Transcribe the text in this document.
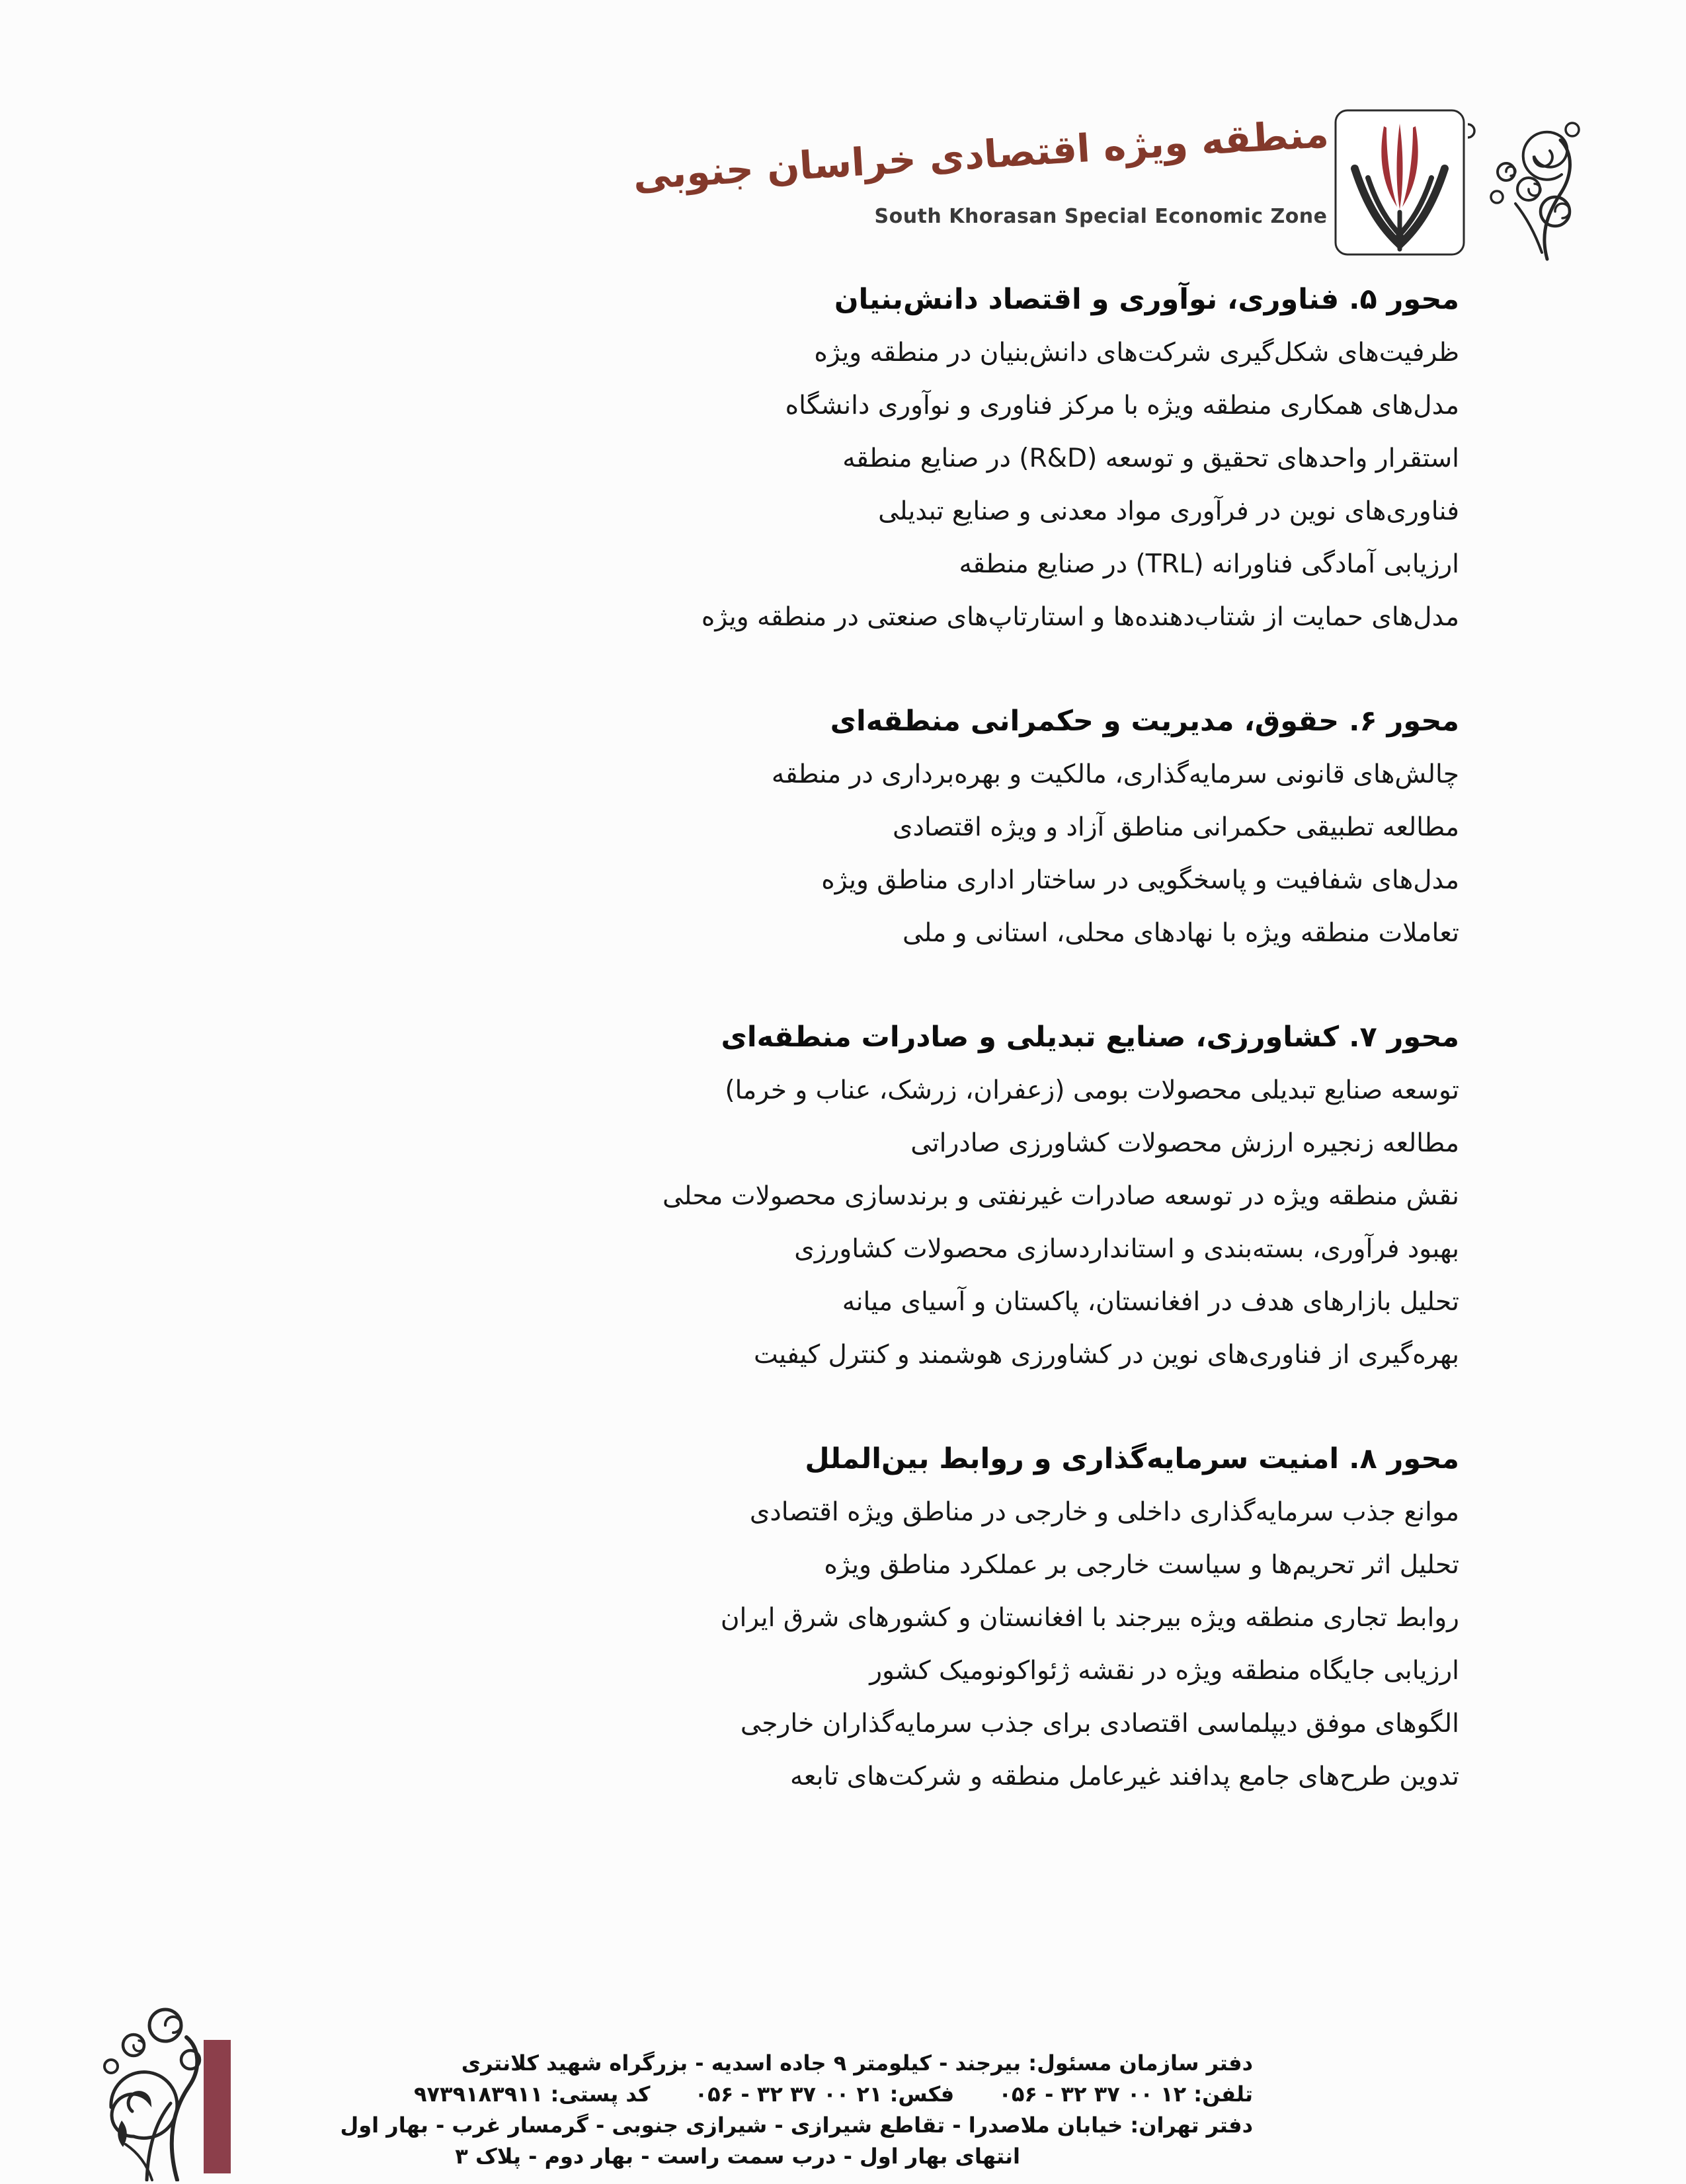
منطقه ویژه اقتصادی خراسان جنوبی
South Khorasan Special Economic Zone
محور ۵. فناوری، نوآوری و اقتصاد دانش‌بنیان
ظرفیت‌های شکل‌گیری شرکت‌های دانش‌بنیان در منطقه ویژه
مدل‌های همکاری منطقه ویژه با مرکز فناوری و نوآوری دانشگاه
استقرار واحدهای تحقیق و توسعه (R&D) در صنایع منطقه
فناوری‌های نوین در فرآوری مواد معدنی و صنایع تبدیلی
ارزیابی آمادگی فناورانه (TRL) در صنایع منطقه
مدل‌های حمایت از شتاب‌دهنده‌ها و استارتاپ‌های صنعتی در منطقه ویژه
محور ۶. حقوق، مدیریت و حکمرانی منطقه‌ای
چالش‌های قانونی سرمایه‌گذاری، مالکیت و بهره‌برداری در منطقه
مطالعه تطبیقی حکمرانی مناطق آزاد و ویژه اقتصادی
مدل‌های شفافیت و پاسخگویی در ساختار اداری مناطق ویژه
تعاملات منطقه ویژه با نهادهای محلی، استانی و ملی
محور ۷. کشاورزی، صنایع تبدیلی و صادرات منطقه‌ای
توسعه صنایع تبدیلی محصولات بومی (زعفران، زرشک، عناب و خرما)
مطالعه زنجیره ارزش محصولات کشاورزی صادراتی
نقش منطقه ویژه در توسعه صادرات غیرنفتی و برندسازی محصولات محلی
بهبود فرآوری، بسته‌بندی و استانداردسازی محصولات کشاورزی
تحلیل بازارهای هدف در افغانستان، پاکستان و آسیای میانه
بهره‌گیری از فناوری‌های نوین در کشاورزی هوشمند و کنترل کیفیت
محور ۸. امنیت سرمایه‌گذاری و روابط بین‌الملل
موانع جذب سرمایه‌گذاری داخلی و خارجی در مناطق ویژه اقتصادی
تحلیل اثر تحریم‌ها و سیاست خارجی بر عملکرد مناطق ویژه
روابط تجاری منطقه ویژه بیرجند با افغانستان و کشورهای شرق ایران
ارزیابی جایگاه منطقه ویژه در نقشه ژئواکونومیک کشور
الگوهای موفق دیپلماسی اقتصادی برای جذب سرمایه‌گذاران خارجی
تدوین طرح‌های جامع پدافند غیرعامل منطقه و شرکت‌های تابعه
دفتر سازمان مسئول: بیرجند - کیلومتر ۹ جاده اسدیه - بزرگراه شهید کلانتری
تلفن: ۰۵۶ - ۳۲ ۳۷ ۰۰ ۱۲ فکس: ۰۵۶ - ۳۲ ۳۷ ۰۰ ۲۱ کد پستی: ۹۷۳۹۱۸۳۹۱۱
دفتر تهران: خیابان ملاصدرا - تقاطع شیرازی - شیرازی جنوبی - گرمسار غرب - بهار اول
انتهای بهار اول - درب سمت راست - بهار دوم - پلاک ۳
